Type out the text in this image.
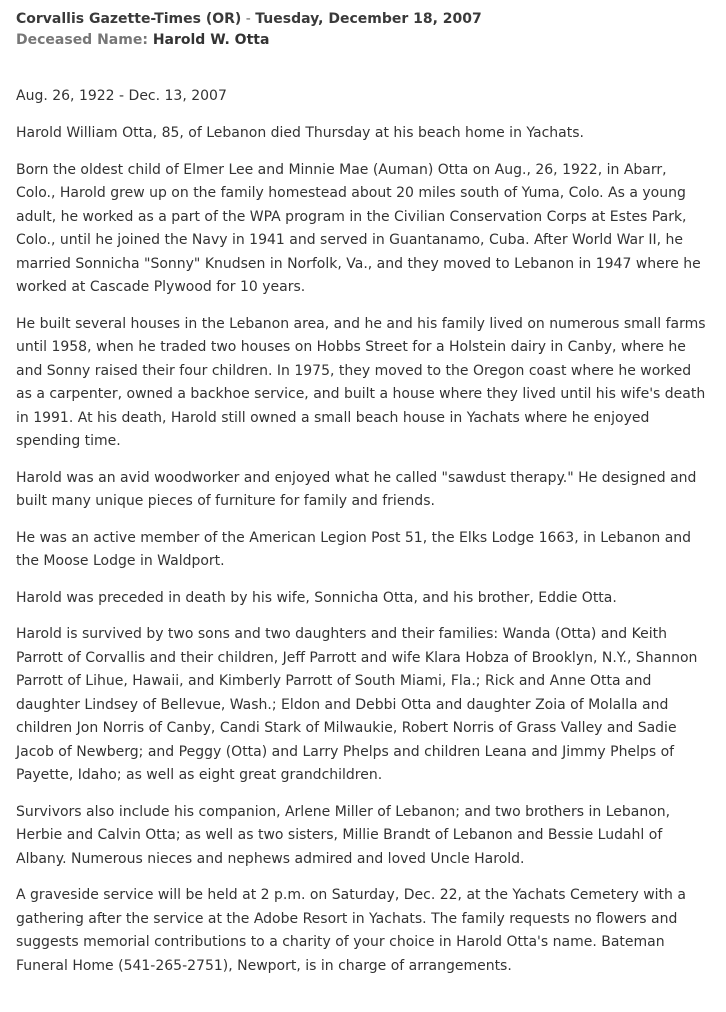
Corvallis Gazette-Times (OR) - Tuesday, December 18, 2007
Deceased Name: Harold W. Otta
Aug. 26, 1922 - Dec. 13, 2007

Harold William Otta, 85, of Lebanon died Thursday at his beach home in Yachats.

Born the oldest child of Elmer Lee and Minnie Mae (Auman) Otta on Aug., 26, 1922, in Abarr, Colo., Harold grew up on the family homestead about 20 miles south of Yuma, Colo. As a young adult, he worked as a part of the WPA program in the Civilian Conservation Corps at Estes Park, Colo., until he joined the Navy in 1941 and served in Guantanamo, Cuba. After World War II, he married Sonnicha "Sonny" Knudsen in Norfolk, Va., and they moved to Lebanon in 1947 where he worked at Cascade Plywood for 10 years.

He built several houses in the Lebanon area, and he and his family lived on numerous small farms until 1958, when he traded two houses on Hobbs Street for a Holstein dairy in Canby, where he and Sonny raised their four children. In 1975, they moved to the Oregon coast where he worked as a carpenter, owned a backhoe service, and built a house where they lived until his wife's death in 1991. At his death, Harold still owned a small beach house in Yachats where he enjoyed spending time.

Harold was an avid woodworker and enjoyed what he called "sawdust therapy." He designed and built many unique pieces of furniture for family and friends.

He was an active member of the American Legion Post 51, the Elks Lodge 1663, in Lebanon and the Moose Lodge in Waldport.

Harold was preceded in death by his wife, Sonnicha Otta, and his brother, Eddie Otta.

Harold is survived by two sons and two daughters and their families: Wanda (Otta) and Keith Parrott of Corvallis and their children, Jeff Parrott and wife Klara Hobza of Brooklyn, N.Y., Shannon Parrott of Lihue, Hawaii, and Kimberly Parrott of South Miami, Fla.; Rick and Anne Otta and daughter Lindsey of Bellevue, Wash.; Eldon and Debbi Otta and daughter Zoia of Molalla and children Jon Norris of Canby, Candi Stark of Milwaukie, Robert Norris of Grass Valley and Sadie Jacob of Newberg; and Peggy (Otta) and Larry Phelps and children Leana and Jimmy Phelps of Payette, Idaho; as well as eight great grandchildren.

Survivors also include his companion, Arlene Miller of Lebanon; and two brothers in Lebanon, Herbie and Calvin Otta; as well as two sisters, Millie Brandt of Lebanon and Bessie Ludahl of Albany. Numerous nieces and nephews admired and loved Uncle Harold.

A graveside service will be held at 2 p.m. on Saturday, Dec. 22, at the Yachats Cemetery with a gathering after the service at the Adobe Resort in Yachats. The family requests no flowers and suggests memorial contributions to a charity of your choice in Harold Otta's name. Bateman Funeral Home (541-265-2751), Newport, is in charge of arrangements.
